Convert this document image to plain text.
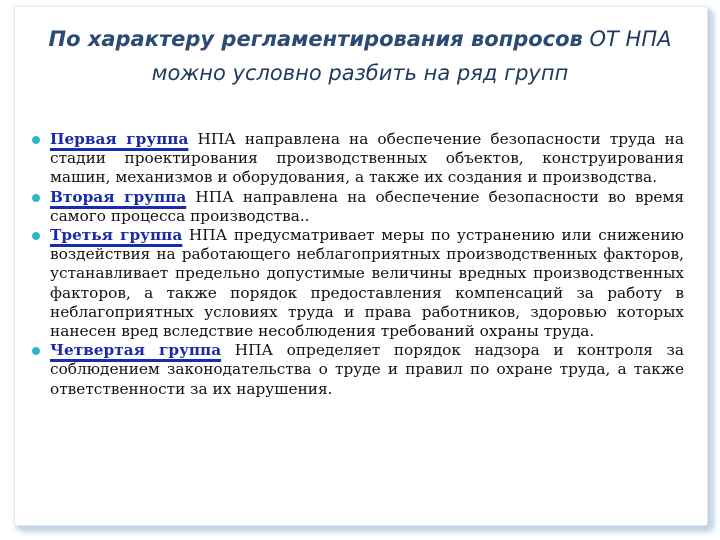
По характеру регламентирования вопросов ОТ НПА можно условно разбить на ряд групп
Первая группа НПА направлена на обеспечение безопасности труда на стадии проектирования производственных объектов, конструирования машин, механизмов и оборудования, а также их создания и производства.
Вторая группа НПА направлена на обеспечение безопасности во время самого процесса производства..
Третья группа НПА предусматривает меры по устранению или снижению воздействия на работающего неблагоприятных производственных факторов, устанавливает предельно допустимые величины вредных производственных факторов, а также порядок предоставления компенсаций за работу в неблагоприятных условиях труда и права работников, здоровью которых нанесен вред вследствие несоблюдения требований охраны труда.
Четвертая группа НПА определяет порядок надзора и контроля за соблюдением законодательства о труде и правил по охране труда, а также ответственности за их нарушения.
